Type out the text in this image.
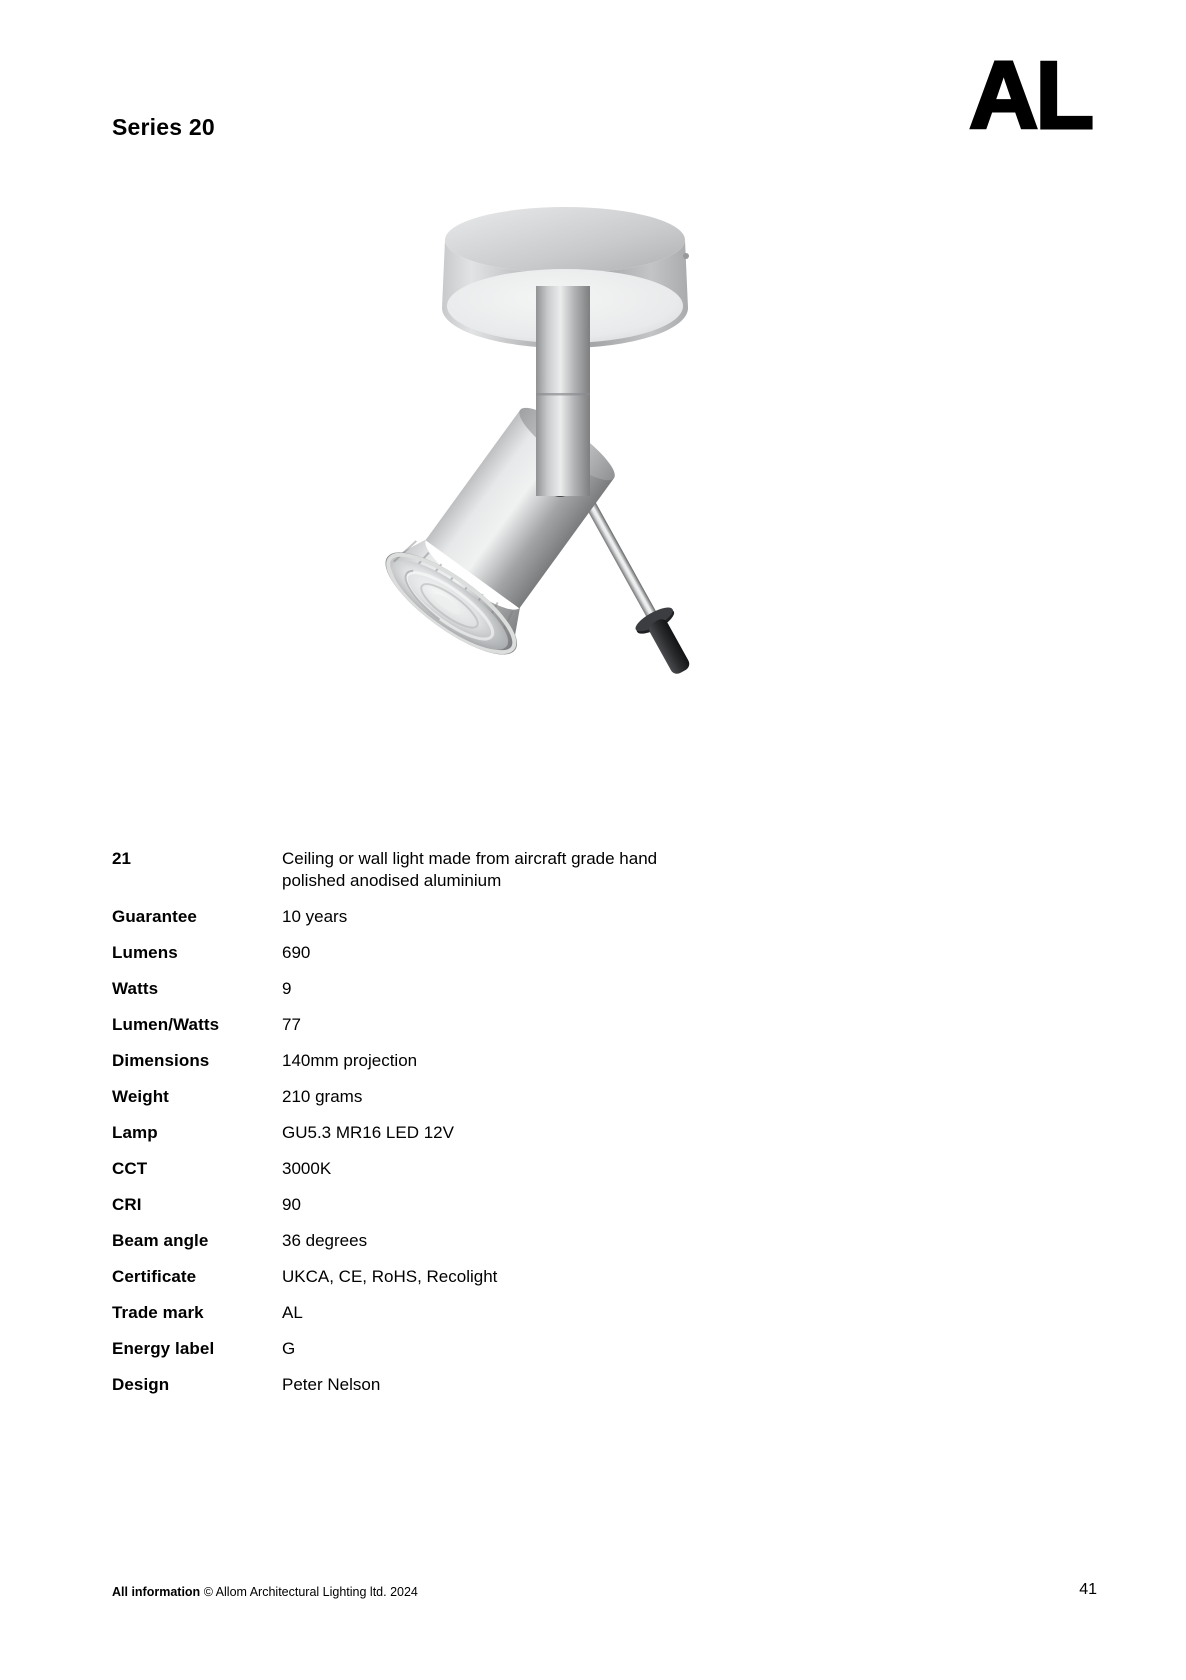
Series 20	AL
21	Ceiling or wall light made from aircraft grade hand polished anodised aluminium
Guarantee	10 years
Lumens	690
Watts	9
Lumen/Watts	77
Dimensions	140mm projection
Weight	210 grams
Lamp	GU5.3 MR16 LED 12V
CCT	3000K
CRI	90
Beam angle	36 degrees
Certificate	UKCA, CE, RoHS, Recolight
Trade mark	AL
Energy label	G
Design	Peter Nelson
All information © Allom Architectural Lighting ltd. 2024	41
